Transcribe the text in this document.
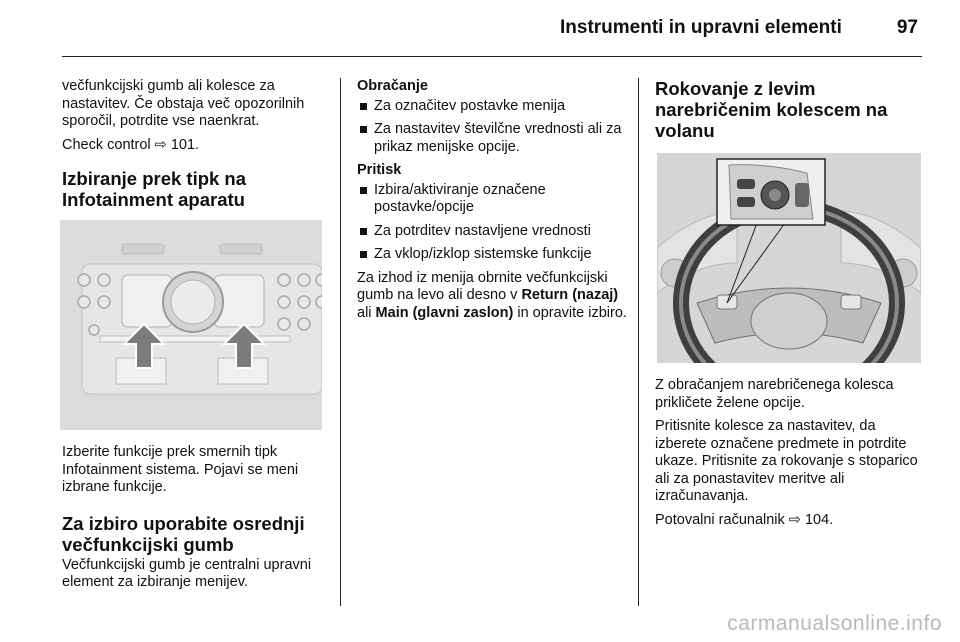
Instrumenti in upravni elementi	97

večfunkcijski gumb ali kolesce za nastavitev. Če obstaja več opozorilnih sporočil, potrdite vse naenkrat.

Check control ⇨ 101.

Izbiranje prek tipk na Infotainment aparatu

Izberite funkcije prek smernih tipk Infotainment sistema. Pojavi se meni izbrane funkcije.

Za izbiro uporabite osrednji večfunkcijski gumb

Večfunkcijski gumb je centralni upravni element za izbiranje menijev.

Obračanje
Za označitev postavke menija
Za nastavitev številčne vrednosti ali za prikaz menijske opcije.
Pritisk
Izbira/aktiviranje označene postavke/opcije
Za potrditev nastavljene vrednosti
Za vklop/izklop sistemske funkcije

Za izhod iz menija obrnite večfunkcijski gumb na levo ali desno v Return (nazaj) ali Main (glavni zaslon) in opravite izbiro.

Rokovanje z levim narebričenim kolescem na volanu

Z obračanjem narebričenega kolesca prikličete želene opcije.

Pritisnite kolesce za nastavitev, da izberete označene predmete in potrdite ukaze. Pritisnite za rokovanje s stoparico ali za ponastavitev meritve ali izračunavanja.

Potovalni računalnik ⇨ 104.

carmanualsonline.info
